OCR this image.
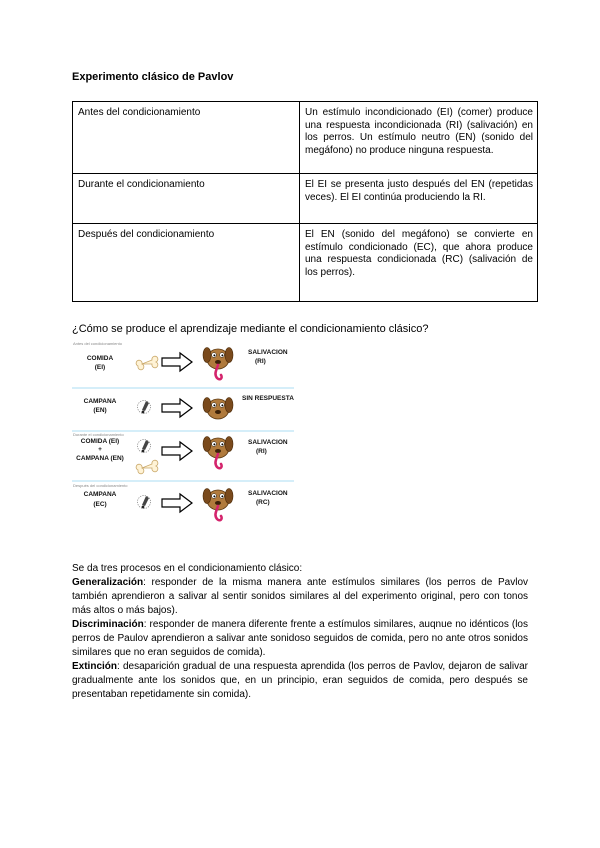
Experimento clásico de Pavlov
Antes del condicionamiento	Un estímulo incondicionado (EI) (comer) produce una respuesta incondicionada (RI) (salivación) en los perros. Un estímulo neutro (EN) (sonido del megáfono) no produce ninguna respuesta.
Durante el condicionamiento	El EI se presenta justo después del EN (repetidas veces). El EI continúa produciendo la RI.
Después del condicionamiento	El EN (sonido del megáfono) se convierte en estímulo condicionado (EC), que ahora produce una respuesta condicionada (RC) (salivación de los perros).
¿Cómo se produce el aprendizaje mediante el condicionamiento clásico?
Antes del condicionamiento
COMIDA
(EI)
SALIVACION
(RI)
CAMPANA
(EN)
SIN RESPUESTA
Durante el condicionamiento
COMIDA (EI)
+
CAMPANA (EN)
SALIVACION
(RI)
Después del condicionamiento
CAMPANA
(EC)
SALIVACION
(RC)

Se da tres procesos en el condicionamiento clásico:

Generalización: responder de la misma manera ante estímulos similares (los perros de Pavlov también aprendieron a salivar al sentir sonidos similares al del experimento original, pero con tonos más altos o más bajos).

Discriminación: responder de manera diferente frente a estímulos similares, auqnue no idénticos (los perros de Paulov aprendieron a salivar ante sonidoso seguidos de comida, pero no ante otros sonidos similares que no eran seguidos de comida).

Extinción: desaparición gradual de una respuesta aprendida (los perros de Pavlov, dejaron de salivar gradualmente ante los sonidos que, en un principio, eran seguidos de comida, pero después se presentaban repetidamente sin comida).
